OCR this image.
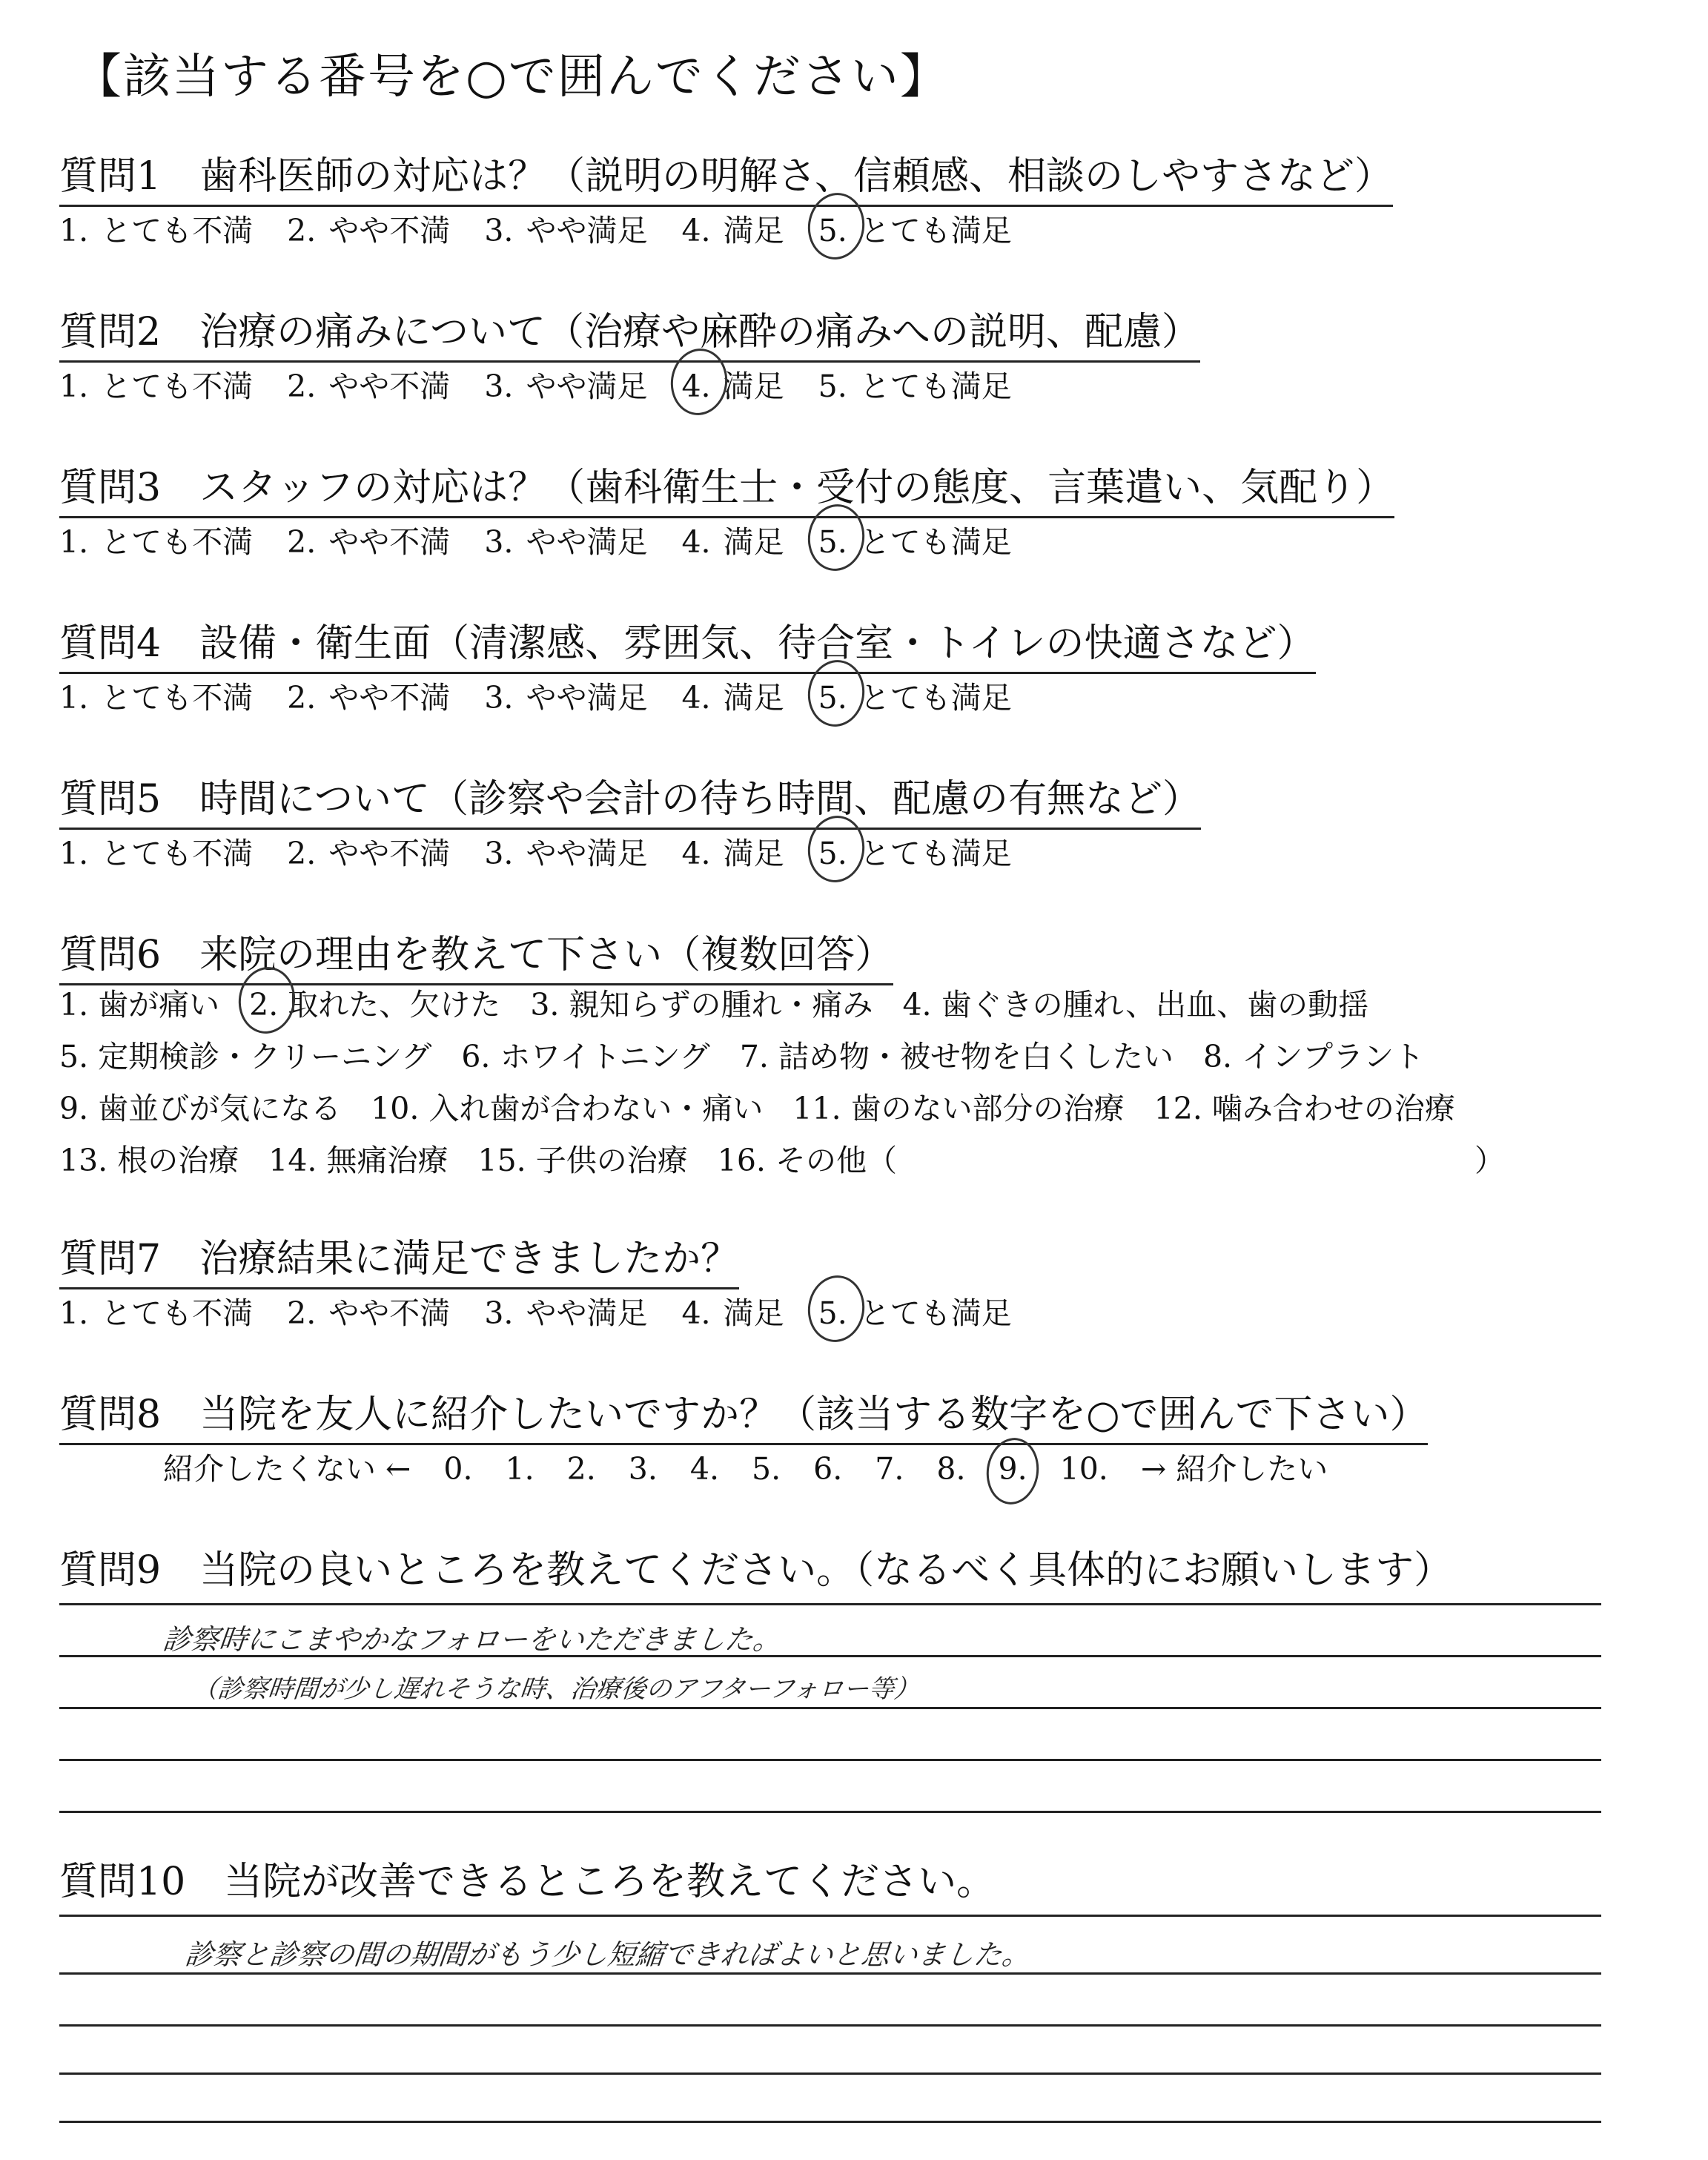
【該当する番号を○で囲んでください】
質問1　歯科医師の対応は？（説明の明解さ、信頼感、相談のしやすさなど）
1. とても不満 2. やや不満 3. やや満足 4. 満足 5. とても満足
質問2　治療の痛みについて（治療や麻酔の痛みへの説明、配慮）
1. とても不満 2. やや不満 3. やや満足 4. 満足 5. とても満足
質問3　スタッフの対応は？（歯科衛生士・受付の態度、言葉遣い、気配り）
1. とても不満 2. やや不満 3. やや満足 4. 満足 5. とても満足
質問4　設備・衛生面（清潔感、雰囲気、待合室・トイレの快適さなど）
1. とても不満 2. やや不満 3. やや満足 4. 満足 5. とても満足
質問5　時間について（診察や会計の待ち時間、配慮の有無など）
1. とても不満 2. やや不満 3. やや満足 4. 満足 5. とても満足
質問6　来院の理由を教えて下さい（複数回答）
1. 歯が痛い 2. 取れた、欠けた 3. 親知らずの腫れ・痛み 4. 歯ぐきの腫れ、出血、歯の動揺
5. 定期検診・クリーニング 6. ホワイトニング 7. 詰め物・被せ物を白くしたい 8. インプラント
9. 歯並びが気になる 10. 入れ歯が合わない・痛い 11. 歯のない部分の治療 12. 噛み合わせの治療
13. 根の治療 14. 無痛治療 15. 子供の治療 16. その他（　　　　　　　　　　　　　　　　　　　）
質問7　治療結果に満足できましたか？
1. とても不満 2. やや不満 3. やや満足 4. 満足 5. とても満足
質問8　当院を友人に紹介したいですか？（該当する数字を○で囲んで下さい）
紹介したくない ← 0. 1. 2. 3. 4. 5. 6. 7. 8. 9. 10. → 紹介したい
質問9　当院の良いところを教えてください。（なるべく具体的にお願いします）
診察時にこまやかなフォローをいただきました。
（診察時間が少し遅れそうな時、治療後のアフターフォロー等）
質問10　当院が改善できるところを教えてください。
診察と診察の間の期間がもう少し短縮できればよいと思いました。
